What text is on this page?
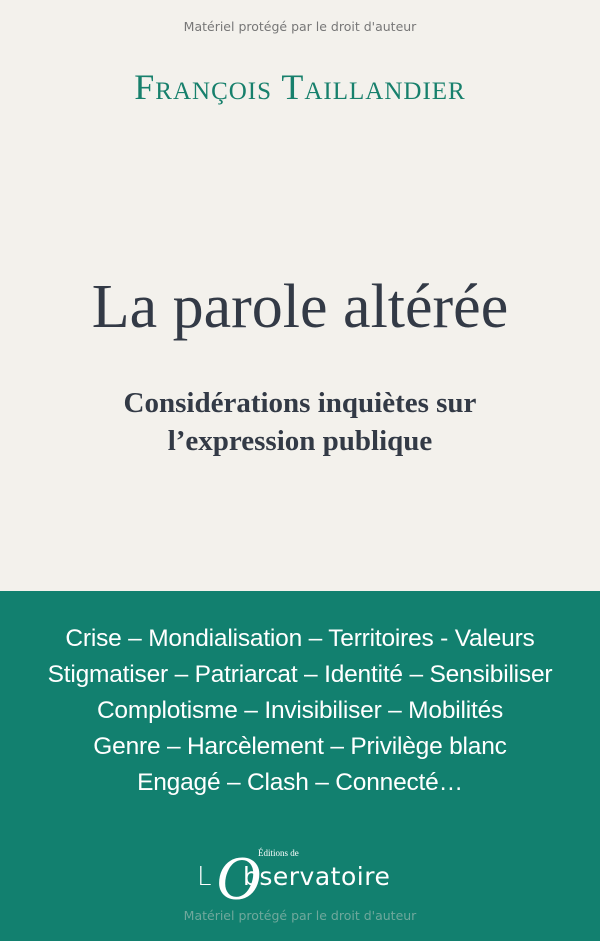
Matériel protégé par le droit d'auteur
François Taillandier
La parole altérée
Considérations inquiètes sur
l’expression publique
Crise – Mondialisation – Territoires - Valeurs
Stigmatiser – Patriarcat – Identité – Sensibiliser
Complotisme – Invisibiliser – Mobilités
Genre – Harcèlement – Privilège blanc
Engagé – Clash – Connecté…
L O
Éditions de
bservatoire
Matériel protégé par le droit d'auteur
